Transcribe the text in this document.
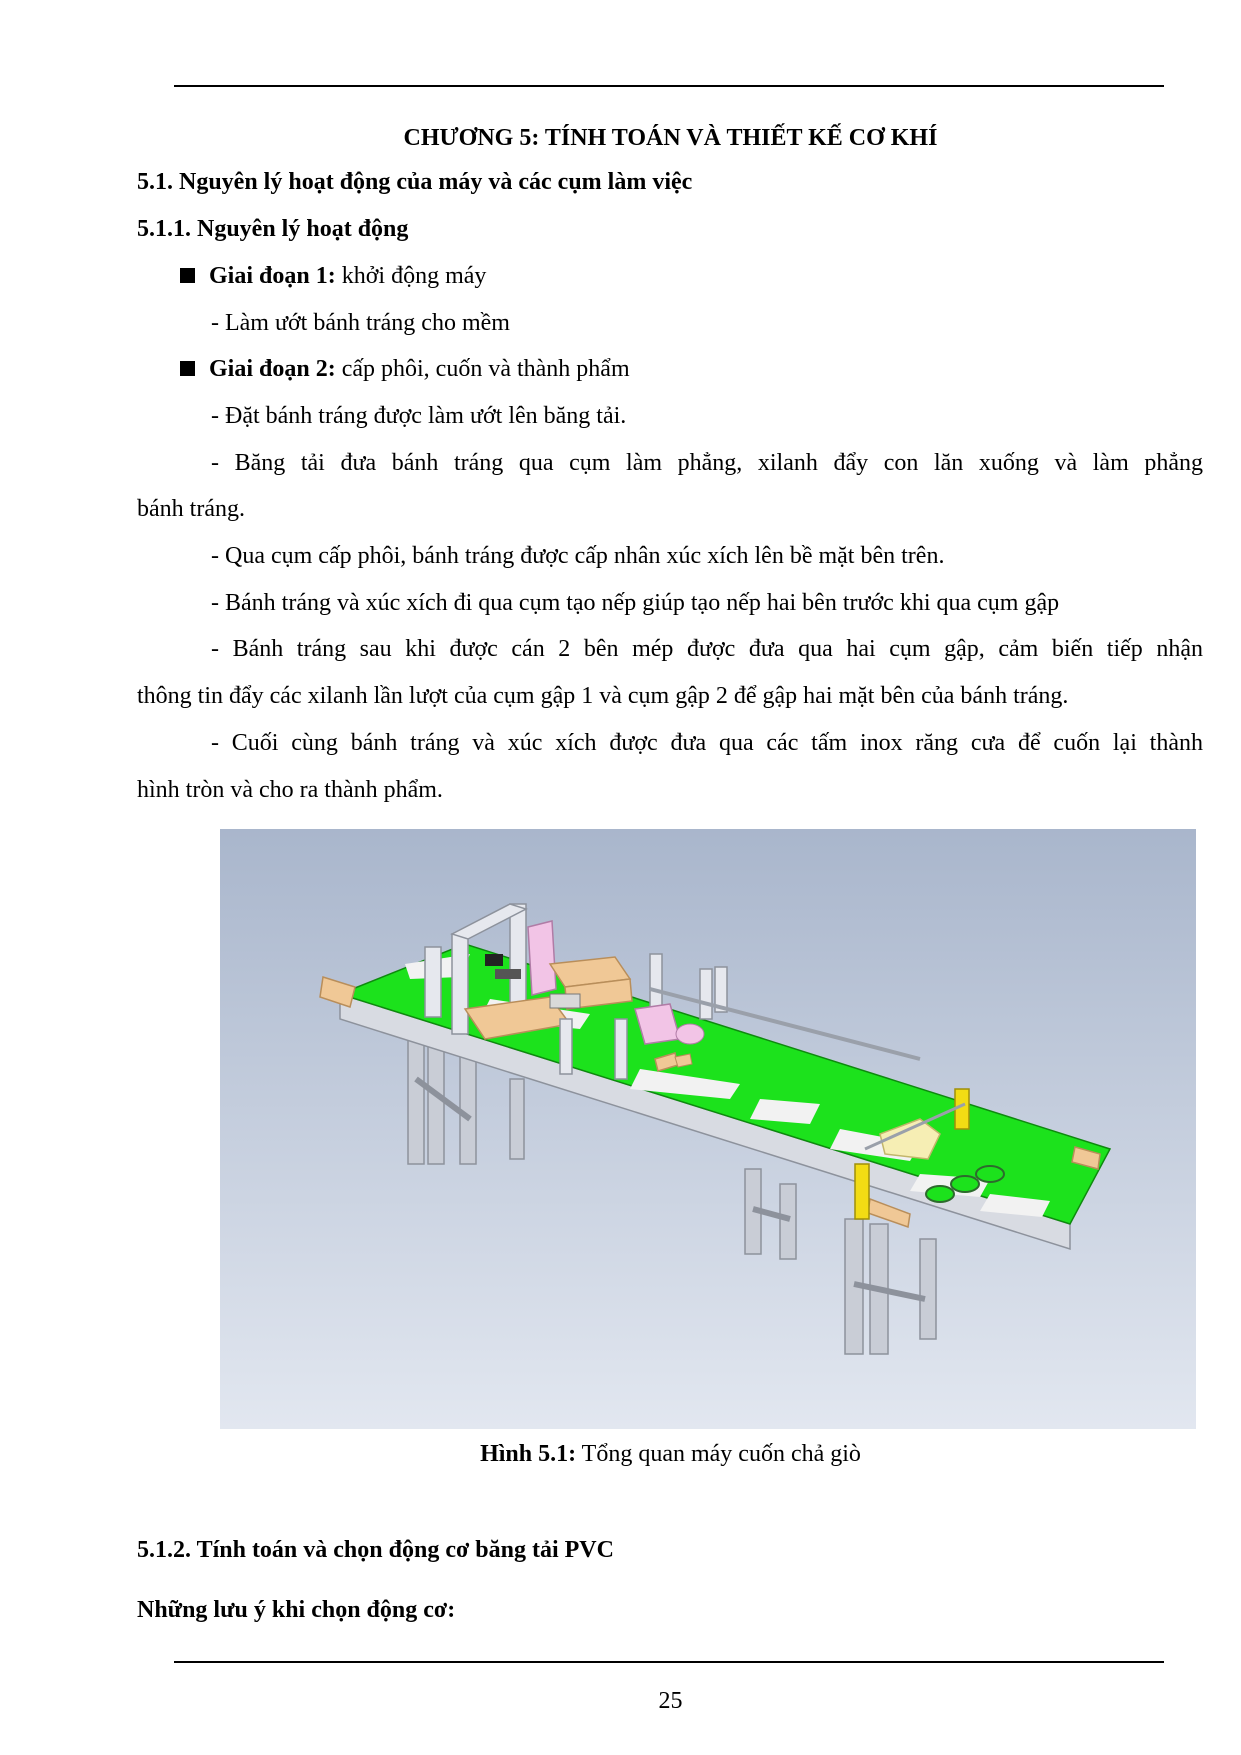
CHƯƠNG 5: TÍNH TOÁN VÀ THIẾT KẾ CƠ KHÍ
5.1. Nguyên lý hoạt động của máy và các cụm làm việc
5.1.1. Nguyên lý hoạt động
Giai đoạn 1: khởi động máy
- Làm ướt bánh tráng cho mềm
Giai đoạn 2: cấp phôi, cuốn và thành phẩm
- Đặt bánh tráng được làm ướt lên băng tải.
- Băng tải đưa bánh tráng qua cụm làm phẳng, xilanh đẩy con lăn xuống và làm phẳng
bánh tráng.
- Qua cụm cấp phôi, bánh tráng được cấp nhân xúc xích lên bề mặt bên trên.
- Bánh tráng và xúc xích đi qua cụm tạo nếp giúp tạo nếp hai bên trước khi qua cụm gập
- Bánh tráng sau khi được cán 2 bên mép được đưa qua hai cụm gập, cảm biến tiếp nhận
thông tin đẩy các xilanh lần lượt của cụm gập 1 và cụm gập 2 để gập hai mặt bên của bánh tráng.
- Cuối cùng bánh tráng và xúc xích được đưa qua các tấm inox răng cưa để cuốn lại thành
hình tròn và cho ra thành phẩm.
Hình 5.1: Tổng quan máy cuốn chả giò
5.1.2. Tính toán và chọn động cơ băng tải PVC
Những lưu ý khi chọn động cơ:
25
